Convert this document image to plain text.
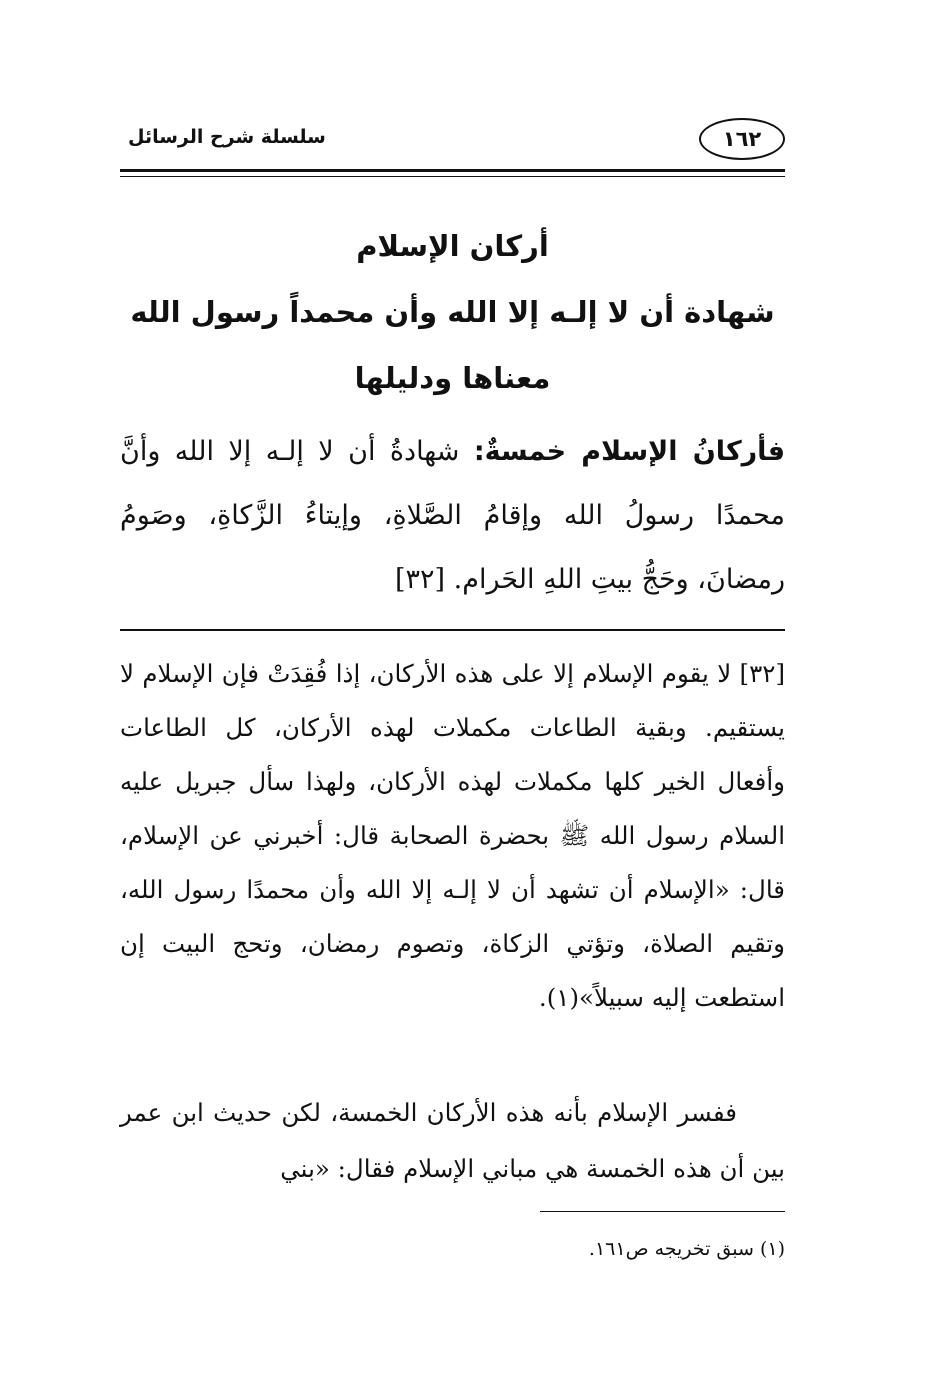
١٦٢
سلسلة شرح الرسائل

أركان الإسلام

شهادة أن لا إلـه إلا الله وأن محمداً رسول الله

معناها ودليلها

فأركانُ الإسلام خمسةٌ: شهادةُ أن لا إلـه إلا الله وأنَّ محمدًا رسولُ الله وإقامُ الصَّلاةِ، وإيتاءُ الزَّكاةِ، وصَومُ رمضانَ، وحَجُّ بيتِ اللهِ الحَرام. [٣٢]

[٣٢] لا يقوم الإسلام إلا على هذه الأركان، إذا فُقِدَتْ فإن الإسلام لا يستقيم. وبقية الطاعات مكملات لهذه الأركان، كل الطاعات وأفعال الخير كلها مكملات لهذه الأركان، ولهذا سأل جبريل عليه السلام رسول الله ﷺ بحضرة الصحابة قال: أخبرني عن الإسلام، قال: «الإسلام أن تشهد أن لا إلـه إلا الله وأن محمدًا رسول الله، وتقيم الصلاة، وتؤتي الزكاة، وتصوم رمضان، وتحج البيت إن استطعت إليه سبيلاً»(١).

ففسر الإسلام بأنه هذه الأركان الخمسة، لكن حديث ابن عمر بين أن هذه الخمسة هي مباني الإسلام فقال: «بني

(١) سبق تخريجه ص١٦١.
